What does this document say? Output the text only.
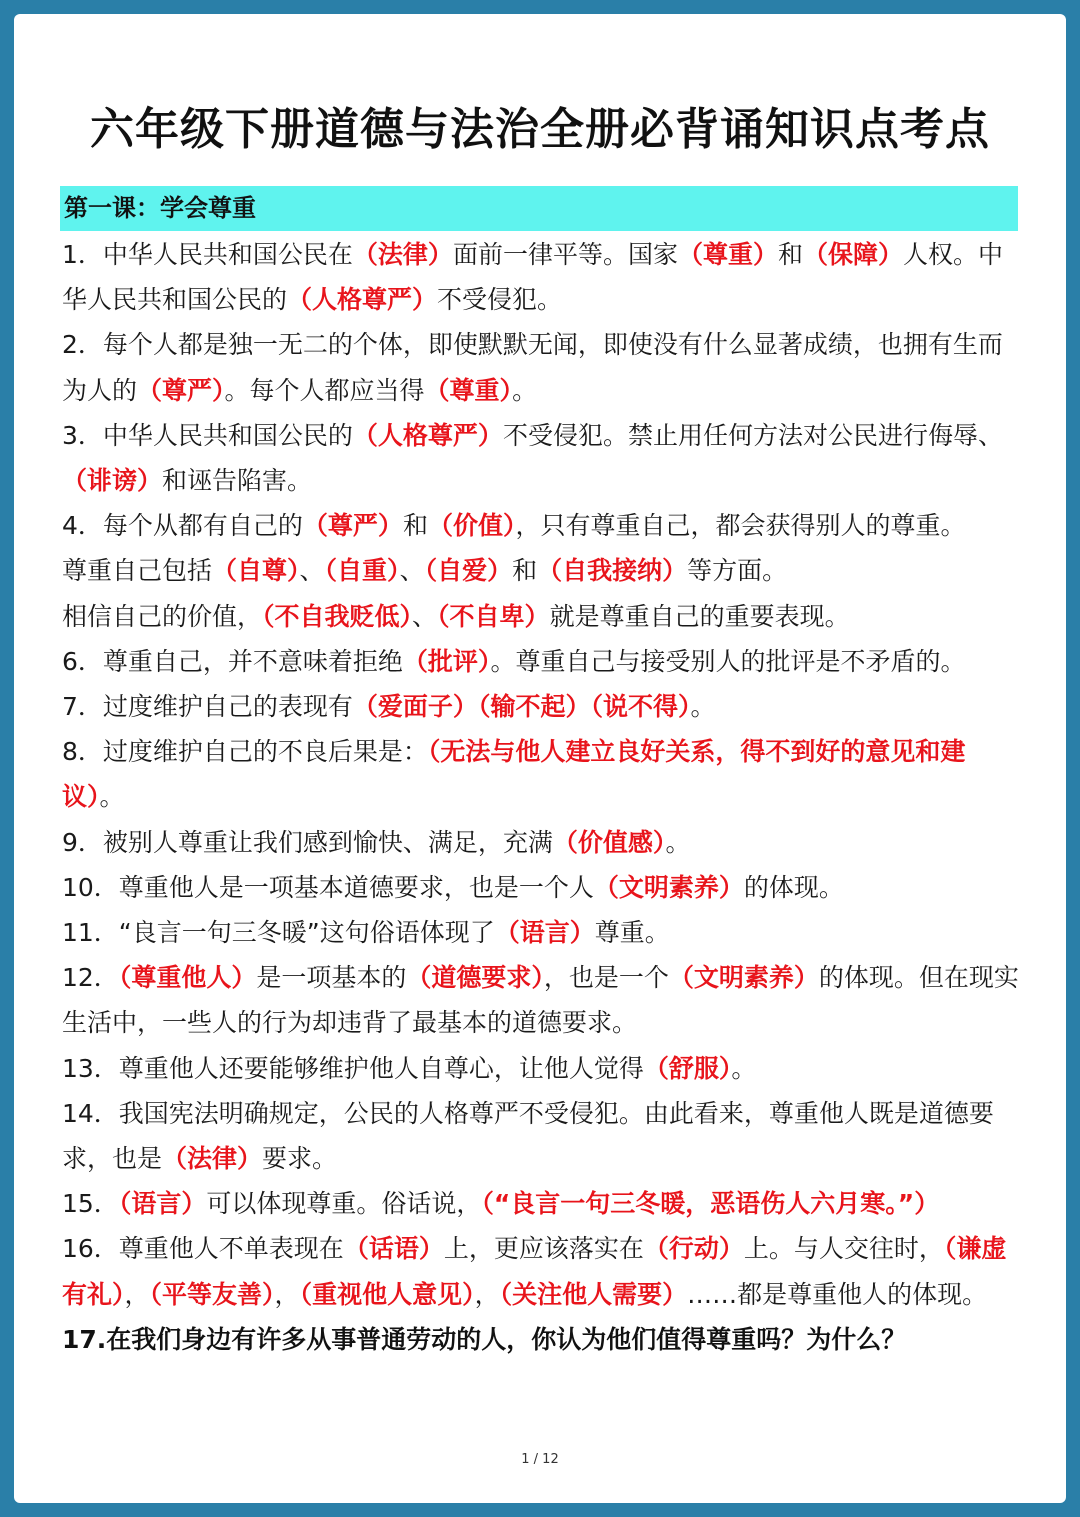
六年级下册道德与法治全册必背诵知识点考点
第一课：学会尊重

1．中华人民共和国公民在（法律）面前一律平等。国家（尊重）和（保障）人权。中华人民共和国公民的（人格尊严）不受侵犯。

2．每个人都是独一无二的个体，即使默默无闻，即使没有什么显著成绩，也拥有生而为人的（尊严）。每个人都应当得（尊重）。

3．中华人民共和国公民的（人格尊严）不受侵犯。禁止用任何方法对公民进行侮辱、（诽谤）和诬告陷害。

4．每个从都有自己的（尊严）和（价值），只有尊重自己，都会获得别人的尊重。

尊重自己包括（自尊）、（自重）、（自爱）和（自我接纳）等方面。

相信自己的价值，（不自我贬低）、（不自卑）就是尊重自己的重要表现。

6．尊重自己，并不意味着拒绝（批评）。尊重自己与接受别人的批评是不矛盾的。

7．过度维护自己的表现有（爱面子）（输不起）（说不得）。

8．过度维护自己的不良后果是：（无法与他人建立良好关系，得不到好的意见和建议）。

9．被别人尊重让我们感到愉快、满足，充满（价值感）。

10．尊重他人是一项基本道德要求，也是一个人（文明素养）的体现。

11．“良言一句三冬暖”这句俗语体现了（语言）尊重。

12．（尊重他人）是一项基本的（道德要求），也是一个（文明素养）的体现。但在现实生活中，一些人的行为却违背了最基本的道德要求。

13．尊重他人还要能够维护他人自尊心，让他人觉得（舒服）。

14．我国宪法明确规定，公民的人格尊严不受侵犯。由此看来，尊重他人既是道德要求，也是（法律）要求。

15．（语言）可以体现尊重。俗话说，（“良言一句三冬暖，恶语伤人六月寒。”）

16．尊重他人不单表现在（话语）上，更应该落实在（行动）上。与人交往时，（谦虚有礼），（平等友善），（重视他人意见），（关注他人需要）……都是尊重他人的体现。

17.在我们身边有许多从事普通劳动的人，你认为他们值得尊重吗？为什么？

1 / 12
